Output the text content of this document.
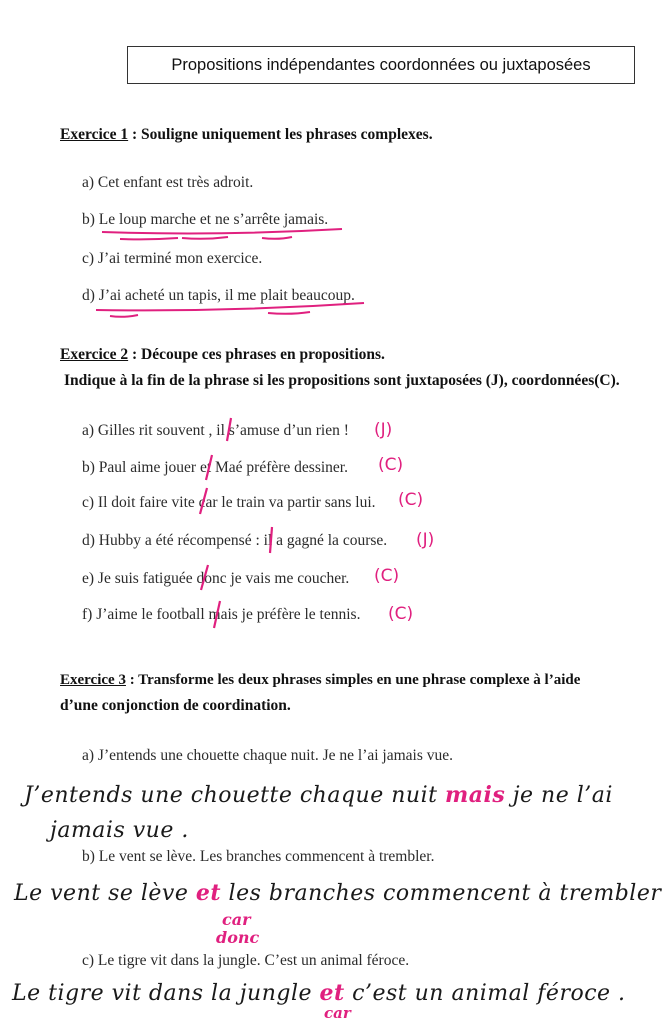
Propositions indépendantes coordonnées ou juxtaposées
Exercice 1 : Souligne uniquement les phrases complexes.
a) Cet enfant est très adroit.
b) Le loup marche et ne s’arrête jamais.
c) J’ai terminé mon exercice.
d) J’ai acheté un tapis, il me plait beaucoup.
Exercice 2 : Découpe ces phrases en propositions.
Indique à la fin de la phrase si les propositions sont juxtaposées (J), coordonnées(C).
a) Gilles rit souvent , il s’amuse d’un rien !
b) Paul aime jouer et Maé préfère dessiner.
c) Il doit faire vite car le train va partir sans lui.
d) Hubby a été récompensé : il a gagné la course.
e) Je suis fatiguée donc je vais me coucher.
f) J’aime le football mais je préfère le tennis.
(J)
(C)
(C)
(J)
(C)
(C)
Exercice 3 : Transforme les deux phrases simples en une phrase complexe à l’aide
d’une conjonction de coordination.
a) J’entends une chouette chaque nuit. Je ne l’ai jamais vue.
J’entends une chouette chaque nuit mais je ne l’ai
jamais vue .
b) Le vent se lève. Les branches commencent à trembler.
Le vent se lève et les branches commencent à trembler
car
donc
c) Le tigre vit dans la jungle. C’est un animal féroce.
Le tigre vit dans la jungle et c’est un animal féroce .
car
